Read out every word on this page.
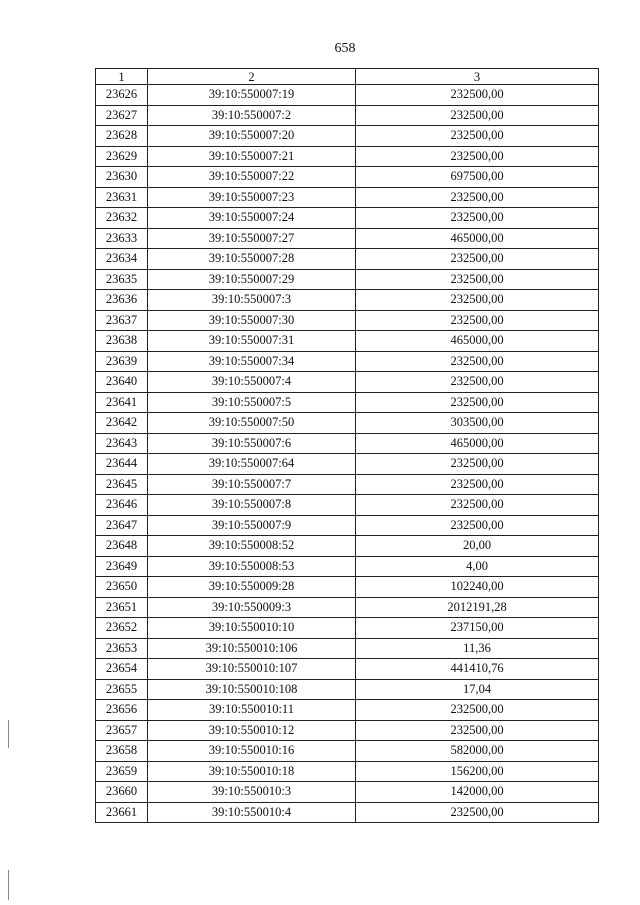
658
1	2	3
23626	39:10:550007:19	232500,00
23627	39:10:550007:2	232500,00
23628	39:10:550007:20	232500,00
23629	39:10:550007:21	232500,00
23630	39:10:550007:22	697500,00
23631	39:10:550007:23	232500,00
23632	39:10:550007:24	232500,00
23633	39:10:550007:27	465000,00
23634	39:10:550007:28	232500,00
23635	39:10:550007:29	232500,00
23636	39:10:550007:3	232500,00
23637	39:10:550007:30	232500,00
23638	39:10:550007:31	465000,00
23639	39:10:550007:34	232500,00
23640	39:10:550007:4	232500,00
23641	39:10:550007:5	232500,00
23642	39:10:550007:50	303500,00
23643	39:10:550007:6	465000,00
23644	39:10:550007:64	232500,00
23645	39:10:550007:7	232500,00
23646	39:10:550007:8	232500,00
23647	39:10:550007:9	232500,00
23648	39:10:550008:52	20,00
23649	39:10:550008:53	4,00
23650	39:10:550009:28	102240,00
23651	39:10:550009:3	2012191,28
23652	39:10:550010:10	237150,00
23653	39:10:550010:106	11,36
23654	39:10:550010:107	441410,76
23655	39:10:550010:108	17,04
23656	39:10:550010:11	232500,00
23657	39:10:550010:12	232500,00
23658	39:10:550010:16	582000,00
23659	39:10:550010:18	156200,00
23660	39:10:550010:3	142000,00
23661	39:10:550010:4	232500,00
